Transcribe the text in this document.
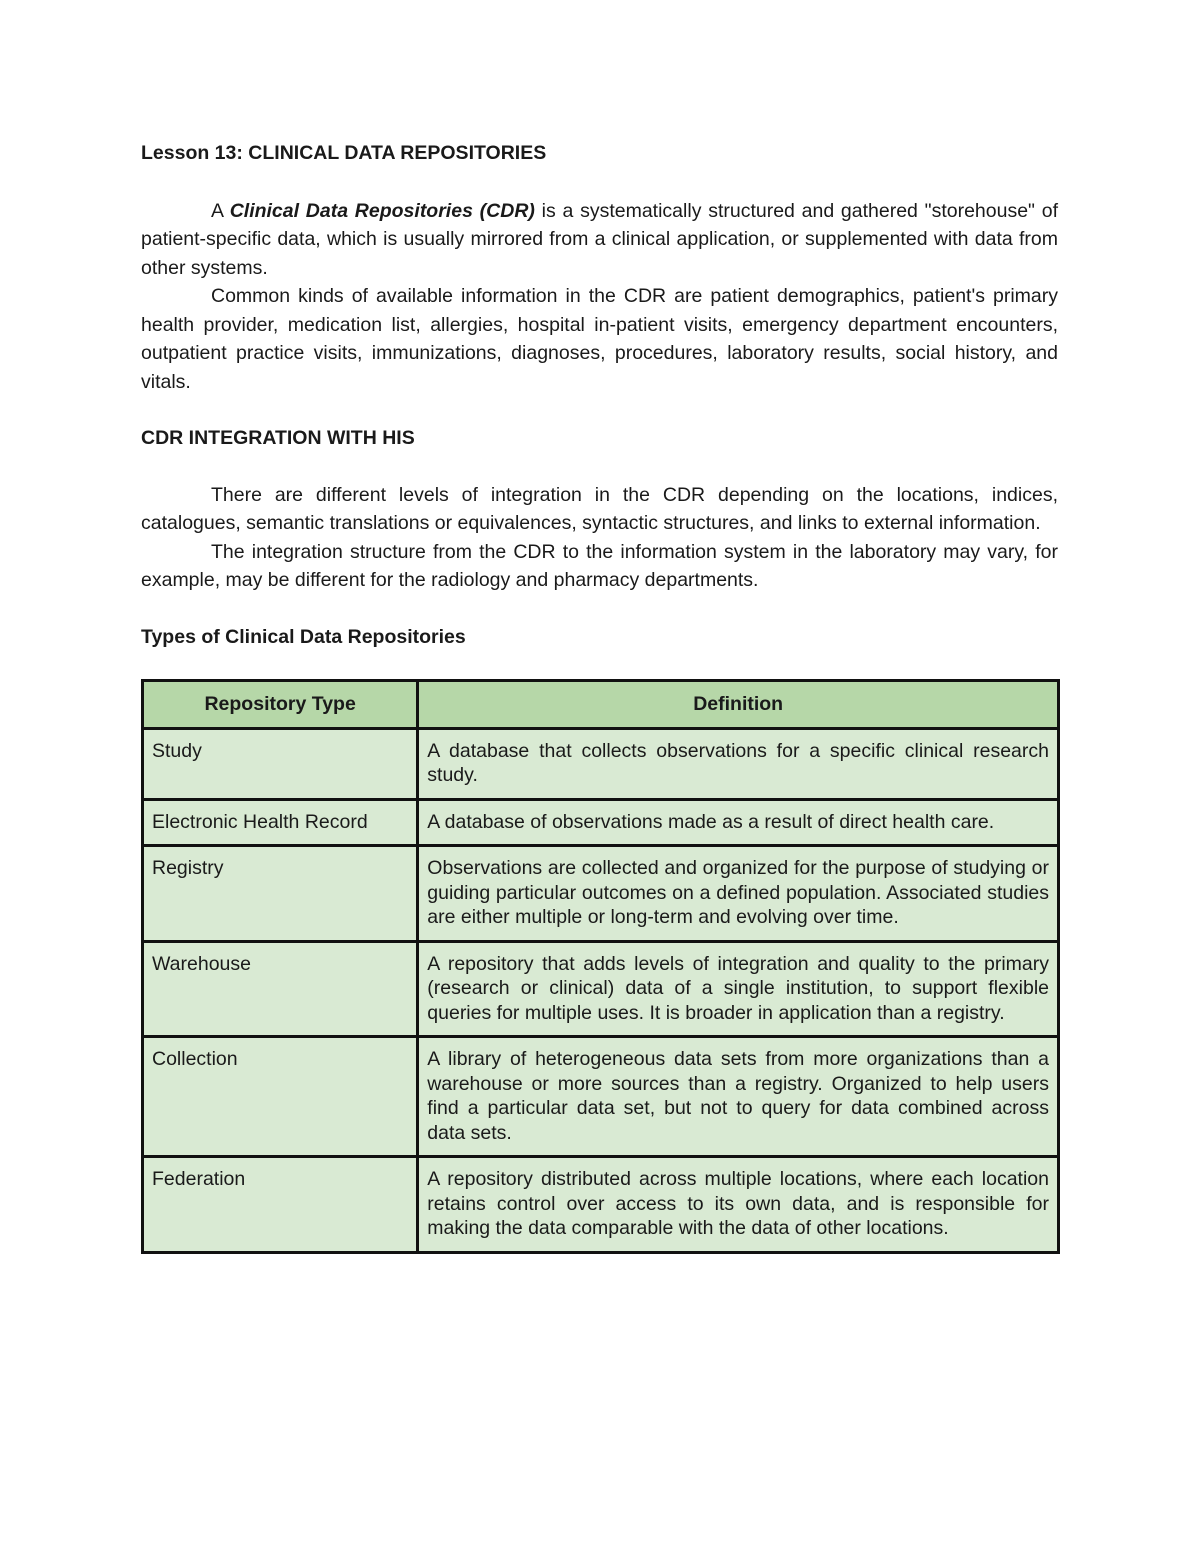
Lesson 13: CLINICAL DATA REPOSITORIES

A Clinical Data Repositories (CDR) is a systematically structured and gathered "storehouse" of patient-specific data, which is usually mirrored from a clinical application, or supplemented with data from other systems.

Common kinds of available information in the CDR are patient demographics, patient's primary health provider, medication list, allergies, hospital in-patient visits, emergency department encounters, outpatient practice visits, immunizations, diagnoses, procedures, laboratory results, social history, and vitals.

CDR INTEGRATION WITH HIS

There are different levels of integration in the CDR depending on the locations, indices, catalogues, semantic translations or equivalences, syntactic structures, and links to external information.

The integration structure from the CDR to the information system in the laboratory may vary, for example, may be different for the radiology and pharmacy departments.

Types of Clinical Data Repositories
Repository Type	Definition
Study	A database that collects observations for a specific clinical research study.
Electronic Health Record	A database of observations made as a result of direct health care.
Registry	Observations are collected and organized for the purpose of studying or guiding particular outcomes on a defined population. Associated studies are either multiple or long-term and evolving over time.
Warehouse	A repository that adds levels of integration and quality to the primary (research or clinical) data of a single institution, to support flexible queries for multiple uses. It is broader in application than a registry.
Collection	A library of heterogeneous data sets from more organizations than a warehouse or more sources than a registry. Organized to help users find a particular data set, but not to query for data combined across data sets.
Federation	A repository distributed across multiple locations, where each location retains control over access to its own data, and is responsible for making the data comparable with the data of other locations.
